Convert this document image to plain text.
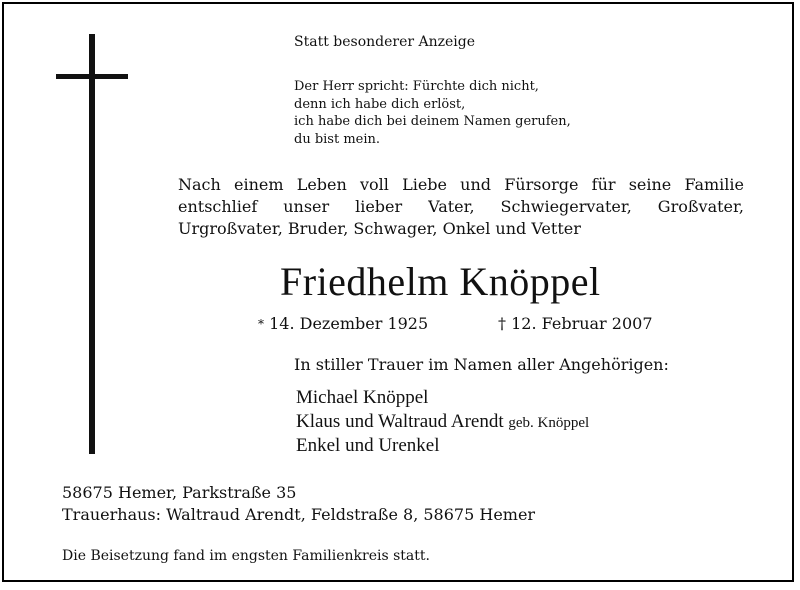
Statt besonderer Anzeige
Der Herr spricht: Fürchte dich nicht,
denn ich habe dich erlöst,
ich habe dich bei deinem Namen gerufen,
du bist mein.
Nach einem Leben voll Liebe und Fürsorge für seine Familie entschlief unser lieber Vater, Schwiegervater, Großvater, Urgroßvater, Bruder, Schwager, Onkel und Vetter
Friedhelm Knöppel
* 14. Dezember 1925	† 12. Februar 2007
In stiller Trauer im Namen aller Angehörigen:
Michael Knöppel
Klaus und Waltraud Arendt geb. Knöppel
Enkel und Urenkel
58675 Hemer, Parkstraße 35
Trauerhaus: Waltraud Arendt, Feldstraße 8, 58675 Hemer
Die Beisetzung fand im engsten Familienkreis statt.
